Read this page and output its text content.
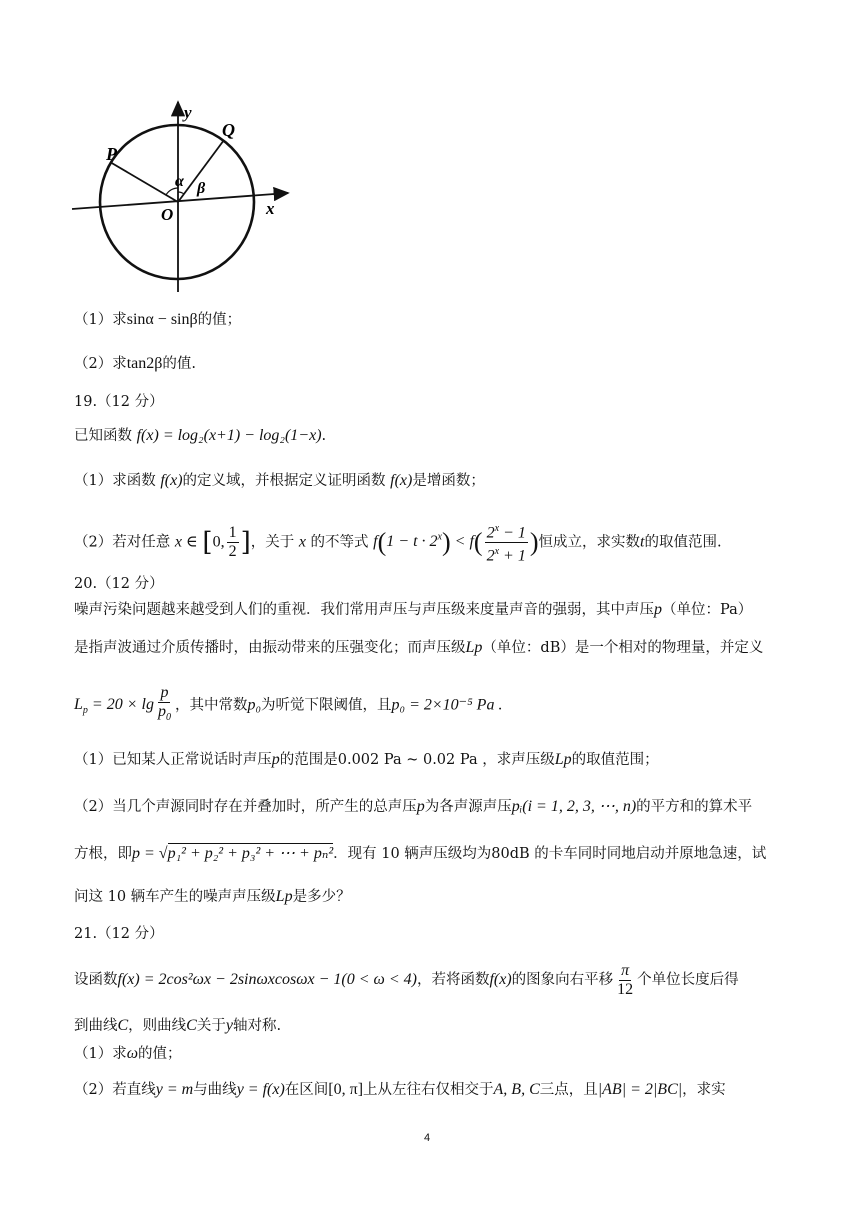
y
x
O
P
Q
α β
（1）求sinα − sinβ的值；
（2）求tan2β的值.
19.（12 分）
已知函数 f(x) = log₂(x+1) − log₂(1−x).
（1）求函数 f(x)的定义域，并根据定义证明函数 f(x)是增函数；
（2）若对任意 x ∈ [0, $\frac{1}{2}$ ]，关于 x 的不等式 $f(1 - t \cdot 2^x) < f( \frac{2^x - 1}{2^x + 1}$ )恒成立，求实数t的取值范围.
20.（12 分）
噪声污染问题越来越受到人们的重视．我们常用声压与声压级来度量声音的强弱，其中声压p（单位：Pa）
是指声波通过介质传播时，由振动带来的压强变化；而声压级Lp（单位：dB）是一个相对的物理量，并定义
$L_p = 20 \times \lg \frac{p}{p_0}$ ，其中常数p₀为听觉下限阈值，且p₀ = 2×10⁻⁵ Pa .
（1）已知某人正常说话时声压p的范围是0.002 Pa ~ 0.02 Pa ，求声压级Lp的取值范围；
（2）当几个声源同时存在并叠加时，所产生的总声压p为各声源声压pᵢ(i = 1, 2, 3, ⋯, n)的平方和的算术平
方根，即p = √p₁² + p₂² + p₃² + ⋯ + pₙ²．现有 10 辆声压级均为80dB 的卡车同时同地启动并原地急速，试
问这 10 辆车产生的噪声声压级Lp是多少？
21.（12 分）
设函数f(x) = 2cos²ωx − 2sinωxcosωx − 1(0 < ω < 4)，若将函数f(x)的图象向右平移 $\frac{\pi}{12}$ 个单位长度后得
到曲线C，则曲线C关于y轴对称.
（1）求ω的值；
（2）若直线y = m与曲线y = f(x)在区间[0, π]上从左往右仅相交于A, B, C三点，且|AB| = 2|BC|，求实
4
